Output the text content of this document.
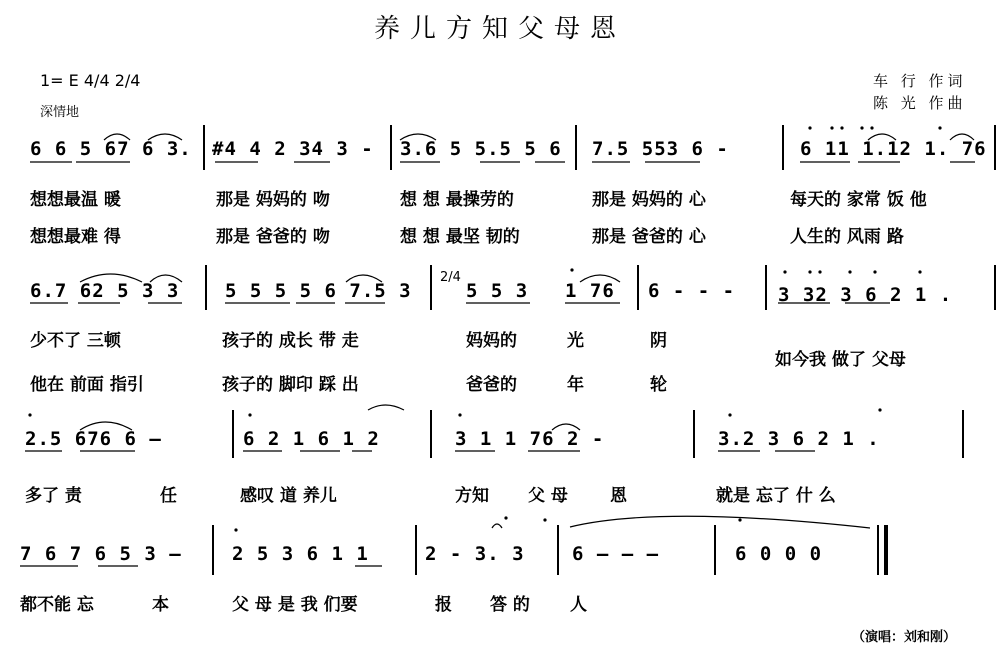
养儿方知父母恩
1= E 4/4 2/4
深情地
车 行 作词
陈 光 作曲
6 6 5 67 6 3. #4 4 2 34 3 - 3.6 5 5.5 5 6 7.5 553 6 -	6 11 1.12 1. 76
想想最温 暖	那是 妈妈的 吻	想 想 最操劳的	那是 妈妈的 心	每天的 家常 饭 他
想想最难 得	那是 爸爸的 吻	想 想 最坚 韧的	那是 爸爸的 心	人生的 风雨 路
6.7 62 5 3 3 5 5 5 5 6 7.5 3
2/4
5 5 3 1 76 6 - - - 3 32 3 6 2 1 .
少不了 三顿	孩子的 成长 带 走	妈妈的	光	阴
他在 前面 指引	孩子的 脚印 踩 出	爸爸的	年	轮
如今我 做了 父母
2.5 676 6 —	6 2 1 6 1 2	3 1 1 76 2 -	3.2 3 6 2 1 .
多了 责	任	感叹 道 养儿	方知 父 母 恩	就是 忘了 什 么
7 6 7 6 5 3 —	2 5 3 6 1 1	2 - 3. 3 6 — — —	6 0 0 0
都不能 忘	本	父 母 是 我 们要	报 答 的 人
（演唱：刘和刚）
